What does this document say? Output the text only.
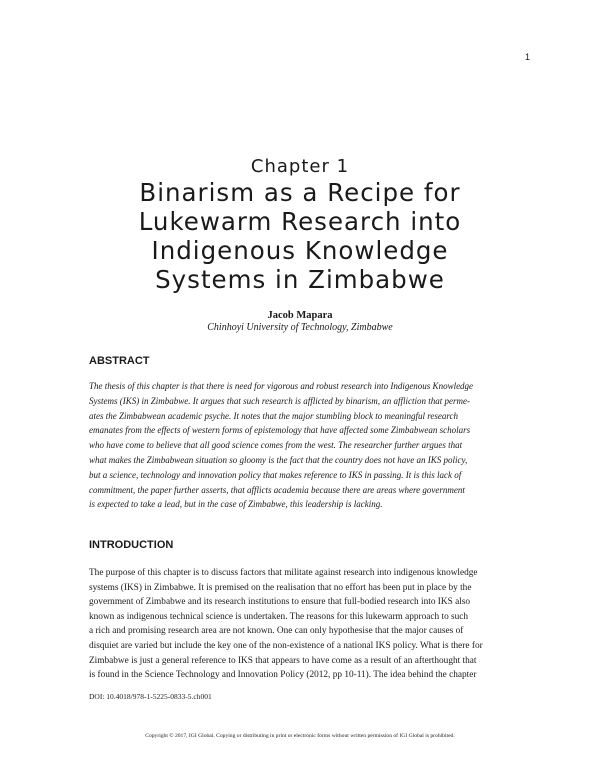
1
Chapter 1
Binarism as a Recipe for
Lukewarm Research into
Indigenous Knowledge
Systems in Zimbabwe
Jacob Mapara
Chinhoyi University of Technology, Zimbabwe
ABSTRACT
The thesis of this chapter is that there is need for vigorous and robust research into Indigenous Knowledge
Systems (IKS) in Zimbabwe. It argues that such research is afflicted by binarism, an affliction that perme-
ates the Zimbabwean academic psyche. It notes that the major stumbling block to meaningful research
emanates from the effects of western forms of epistemology that have affected some Zimbabwean scholars
who have come to believe that all good science comes from the west. The researcher further argues that
what makes the Zimbabwean situation so gloomy is the fact that the country does not have an IKS policy,
but a science, technology and innovation policy that makes reference to IKS in passing. It is this lack of
commitment, the paper further asserts, that afflicts academia because there are areas where government
is expected to take a lead, but in the case of Zimbabwe, this leadership is lacking.
INTRODUCTION
The purpose of this chapter is to discuss factors that militate against research into indigenous knowledge
systems (IKS) in Zimbabwe. It is premised on the realisation that no effort has been put in place by the
government of Zimbabwe and its research institutions to ensure that full-bodied research into IKS also
known as indigenous technical science is undertaken. The reasons for this lukewarm approach to such
a rich and promising research area are not known. One can only hypothesise that the major causes of
disquiet are varied but include the key one of the non-existence of a national IKS policy. What is there for
Zimbabwe is just a general reference to IKS that appears to have come as a result of an afterthought that
is found in the Science Technology and Innovation Policy (2012, pp 10-11). The idea behind the chapter
DOI: 10.4018/978-1-5225-0833-5.ch001
Copyright © 2017, IGI Global. Copying or distributing in print or electronic forms without written permission of IGI Global is prohibited.
